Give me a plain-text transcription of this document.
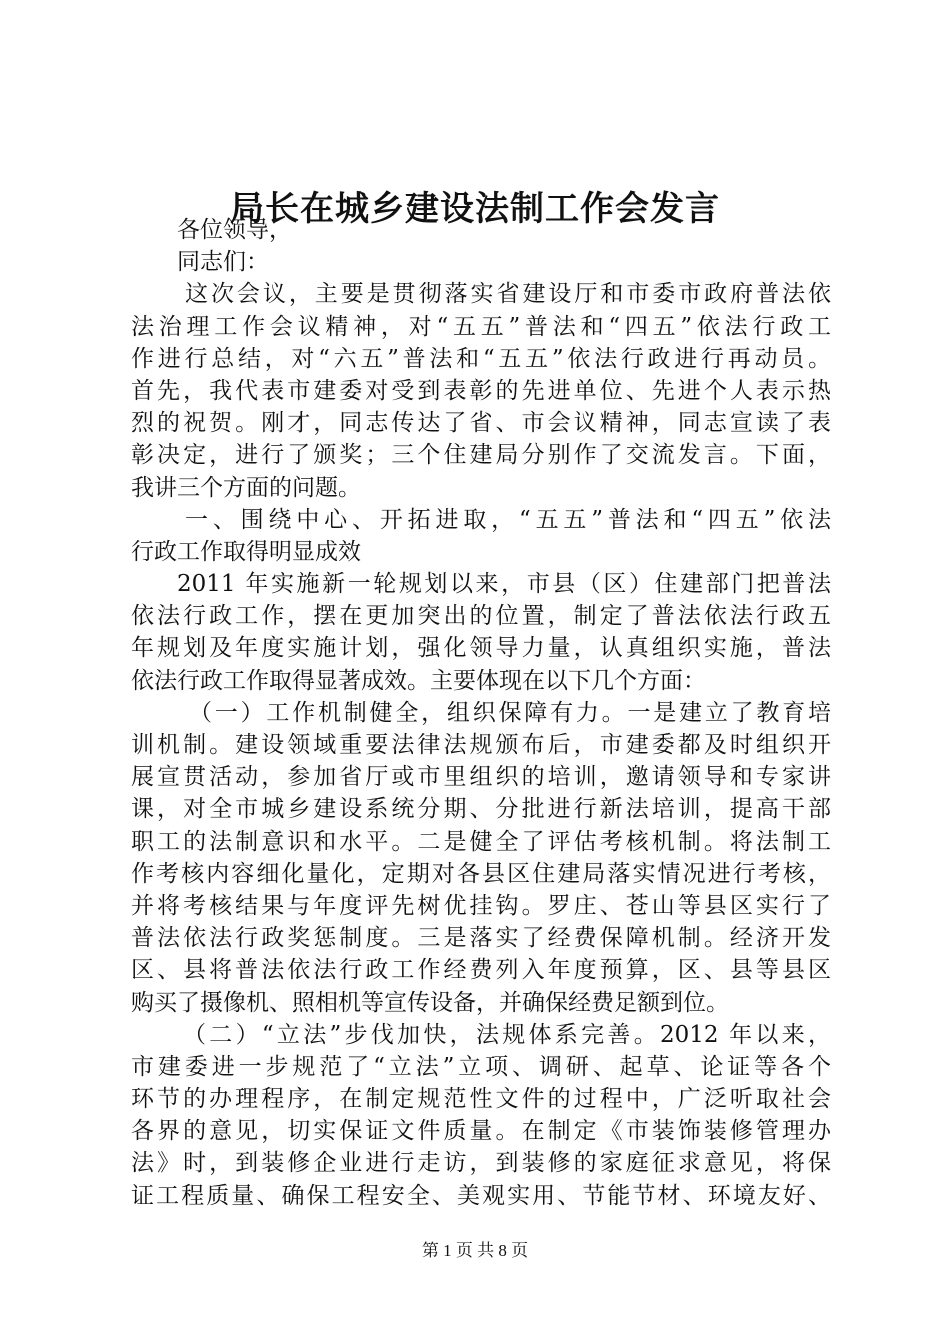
局长在城乡建设法制工作会发言
各位领导，
同志们：
这次会议，主要是贯彻落实省建设厅和市委市政府普法依
法治理工作会议精神，对“五五”普法和“四五”依法行政工
作进行总结，对“六五”普法和“五五”依法行政进行再动员。
首先，我代表市建委对受到表彰的先进单位、先进个人表示热
烈的祝贺。刚才，同志传达了省、市会议精神，同志宣读了表
彰决定，进行了颁奖；三个住建局分别作了交流发言。下面，
我讲三个方面的问题。
一、围绕中心、开拓进取，“五五”普法和“四五”依法
行政工作取得明显成效
2011 年实施新一轮规划以来，市县（区）住建部门把普法
依法行政工作，摆在更加突出的位置，制定了普法依法行政五
年规划及年度实施计划，强化领导力量，认真组织实施，普法
依法行政工作取得显著成效。主要体现在以下几个方面：
（一）工作机制健全，组织保障有力。一是建立了教育培
训机制。建设领域重要法律法规颁布后，市建委都及时组织开
展宣贯活动，参加省厅或市里组织的培训，邀请领导和专家讲
课，对全市城乡建设系统分期、分批进行新法培训，提高干部
职工的法制意识和水平。二是健全了评估考核机制。将法制工
作考核内容细化量化，定期对各县区住建局落实情况进行考核，
并将考核结果与年度评先树优挂钩。罗庄、苍山等县区实行了
普法依法行政奖惩制度。三是落实了经费保障机制。经济开发
区、县将普法依法行政工作经费列入年度预算，区、县等县区
购买了摄像机、照相机等宣传设备，并确保经费足额到位。
（二）“立法”步伐加快，法规体系完善。2012 年以来，
市建委进一步规范了“立法”立项、调研、起草、论证等各个
环节的办理程序，在制定规范性文件的过程中，广泛听取社会
各界的意见，切实保证文件质量。在制定《市装饰装修管理办
法》时，到装修企业进行走访，到装修的家庭征求意见，将保
证工程质量、确保工程安全、美观实用、节能节材、环境友好、
第 1 页 共 8 页
